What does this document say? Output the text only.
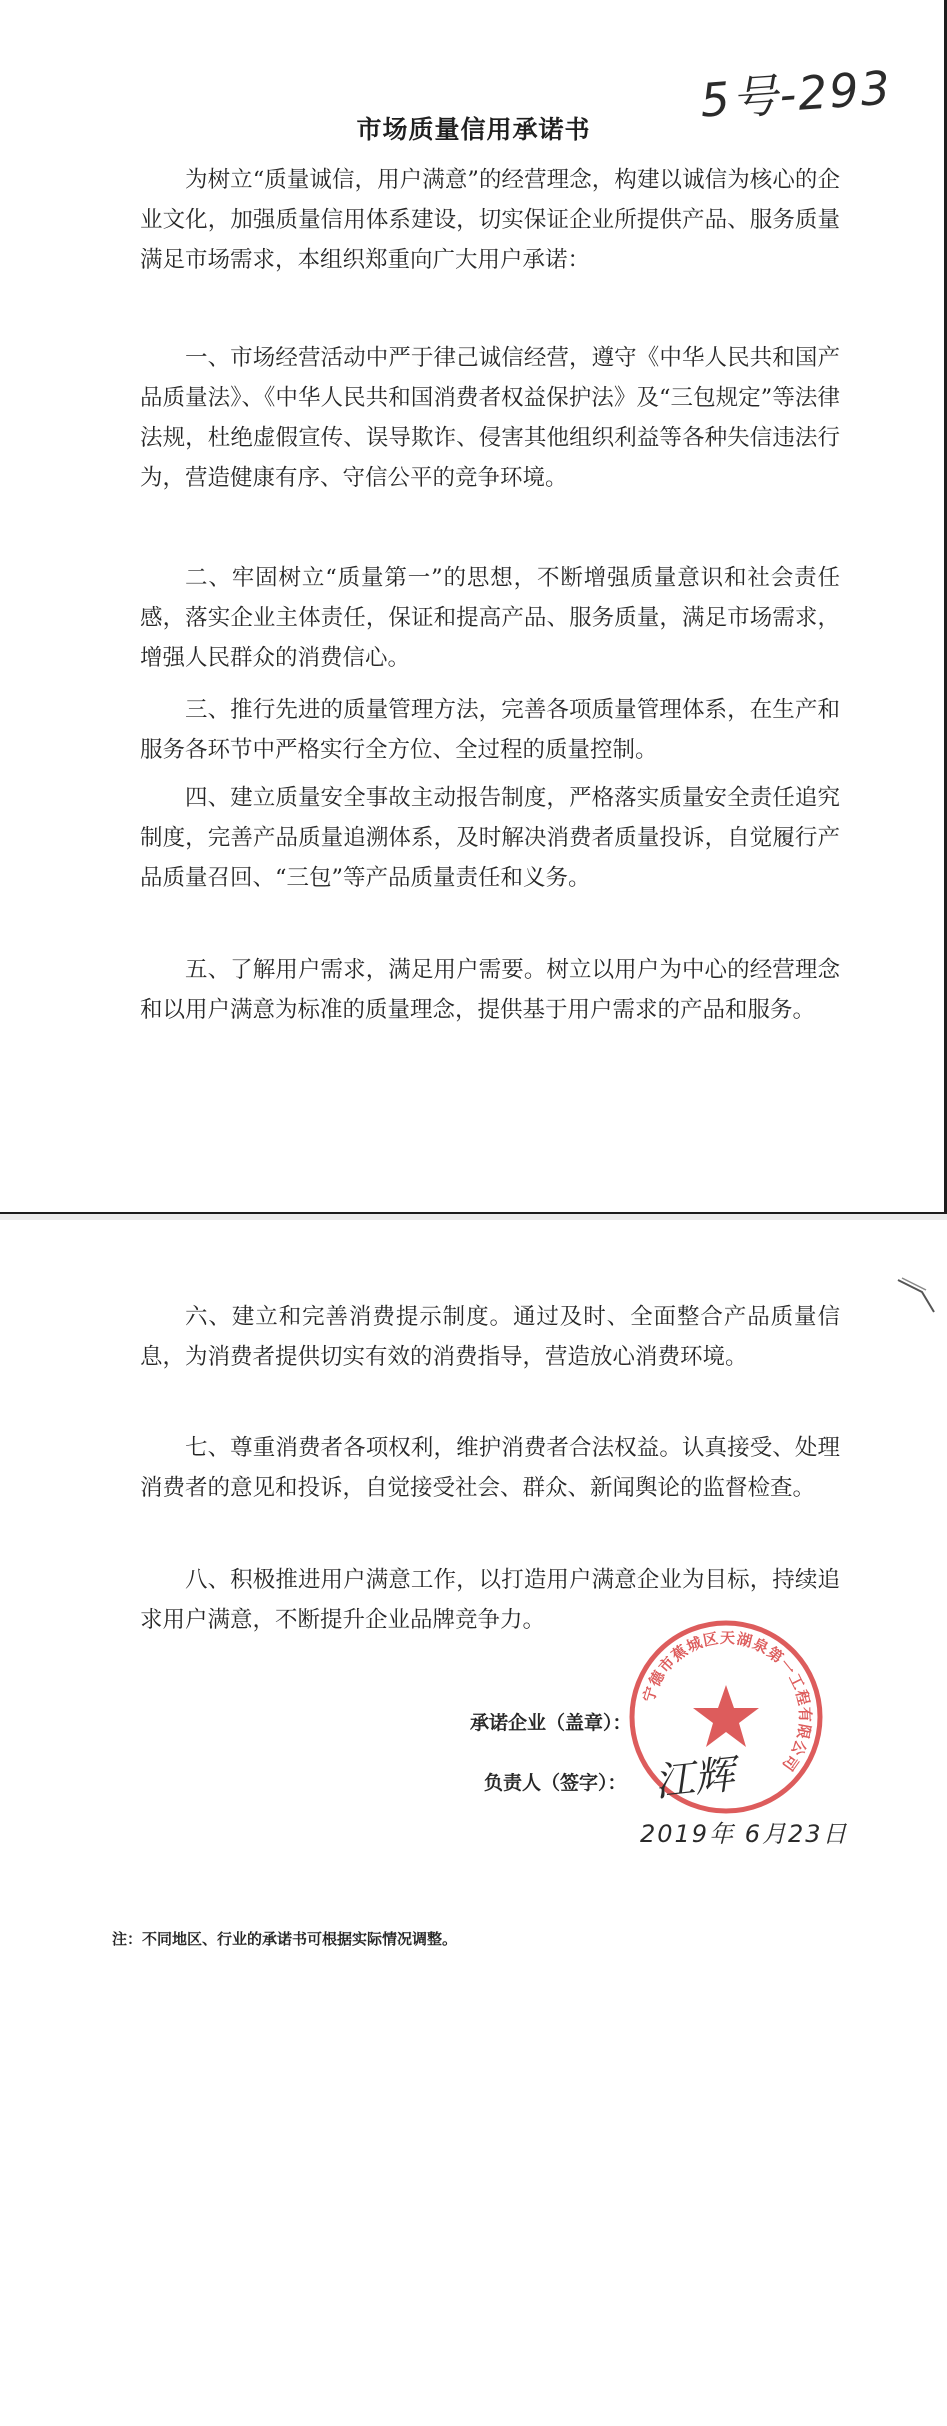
5号-293
市场质量信用承诺书

为树立“质量诚信，用户满意”的经营理念，构建以诚信为核心的企业文化，加强质量信用体系建设，切实保证企业所提供产品、服务质量满足市场需求，本组织郑重向广大用户承诺：

一、市场经营活动中严于律己诚信经营，遵守《中华人民共和国产品质量法》、《中华人民共和国消费者权益保护法》及“三包规定”等法律法规，杜绝虚假宣传、误导欺诈、侵害其他组织利益等各种失信违法行为，营造健康有序、守信公平的竞争环境。

二、牢固树立“质量第一”的思想，不断增强质量意识和社会责任感，落实企业主体责任，保证和提高产品、服务质量，满足市场需求，增强人民群众的消费信心。

三、推行先进的质量管理方法，完善各项质量管理体系，在生产和服务各环节中严格实行全方位、全过程的质量控制。

四、建立质量安全事故主动报告制度，严格落实质量安全责任追究制度，完善产品质量追溯体系，及时解决消费者质量投诉，自觉履行产品质量召回、“三包”等产品质量责任和义务。

五、了解用户需求，满足用户需要。树立以用户为中心的经营理念和以用户满意为标准的质量理念，提供基于用户需求的产品和服务。

六、建立和完善消费提示制度。通过及时、全面整合产品质量信息，为消费者提供切实有效的消费指导，营造放心消费环境。

七、尊重消费者各项权利，维护消费者合法权益。认真接受、处理消费者的意见和投诉，自觉接受社会、群众、新闻舆论的监督检查。

八、积极推进用户满意工作，以打造用户满意企业为目标，持续追求用户满意，不断提升企业品牌竞争力。

宁德市蕉城区天湖泉第一工程有限公司
承诺企业（盖章）：
负责人（签字）： 江辉
2019年 6月23日
注：不同地区、行业的承诺书可根据实际情况调整。
